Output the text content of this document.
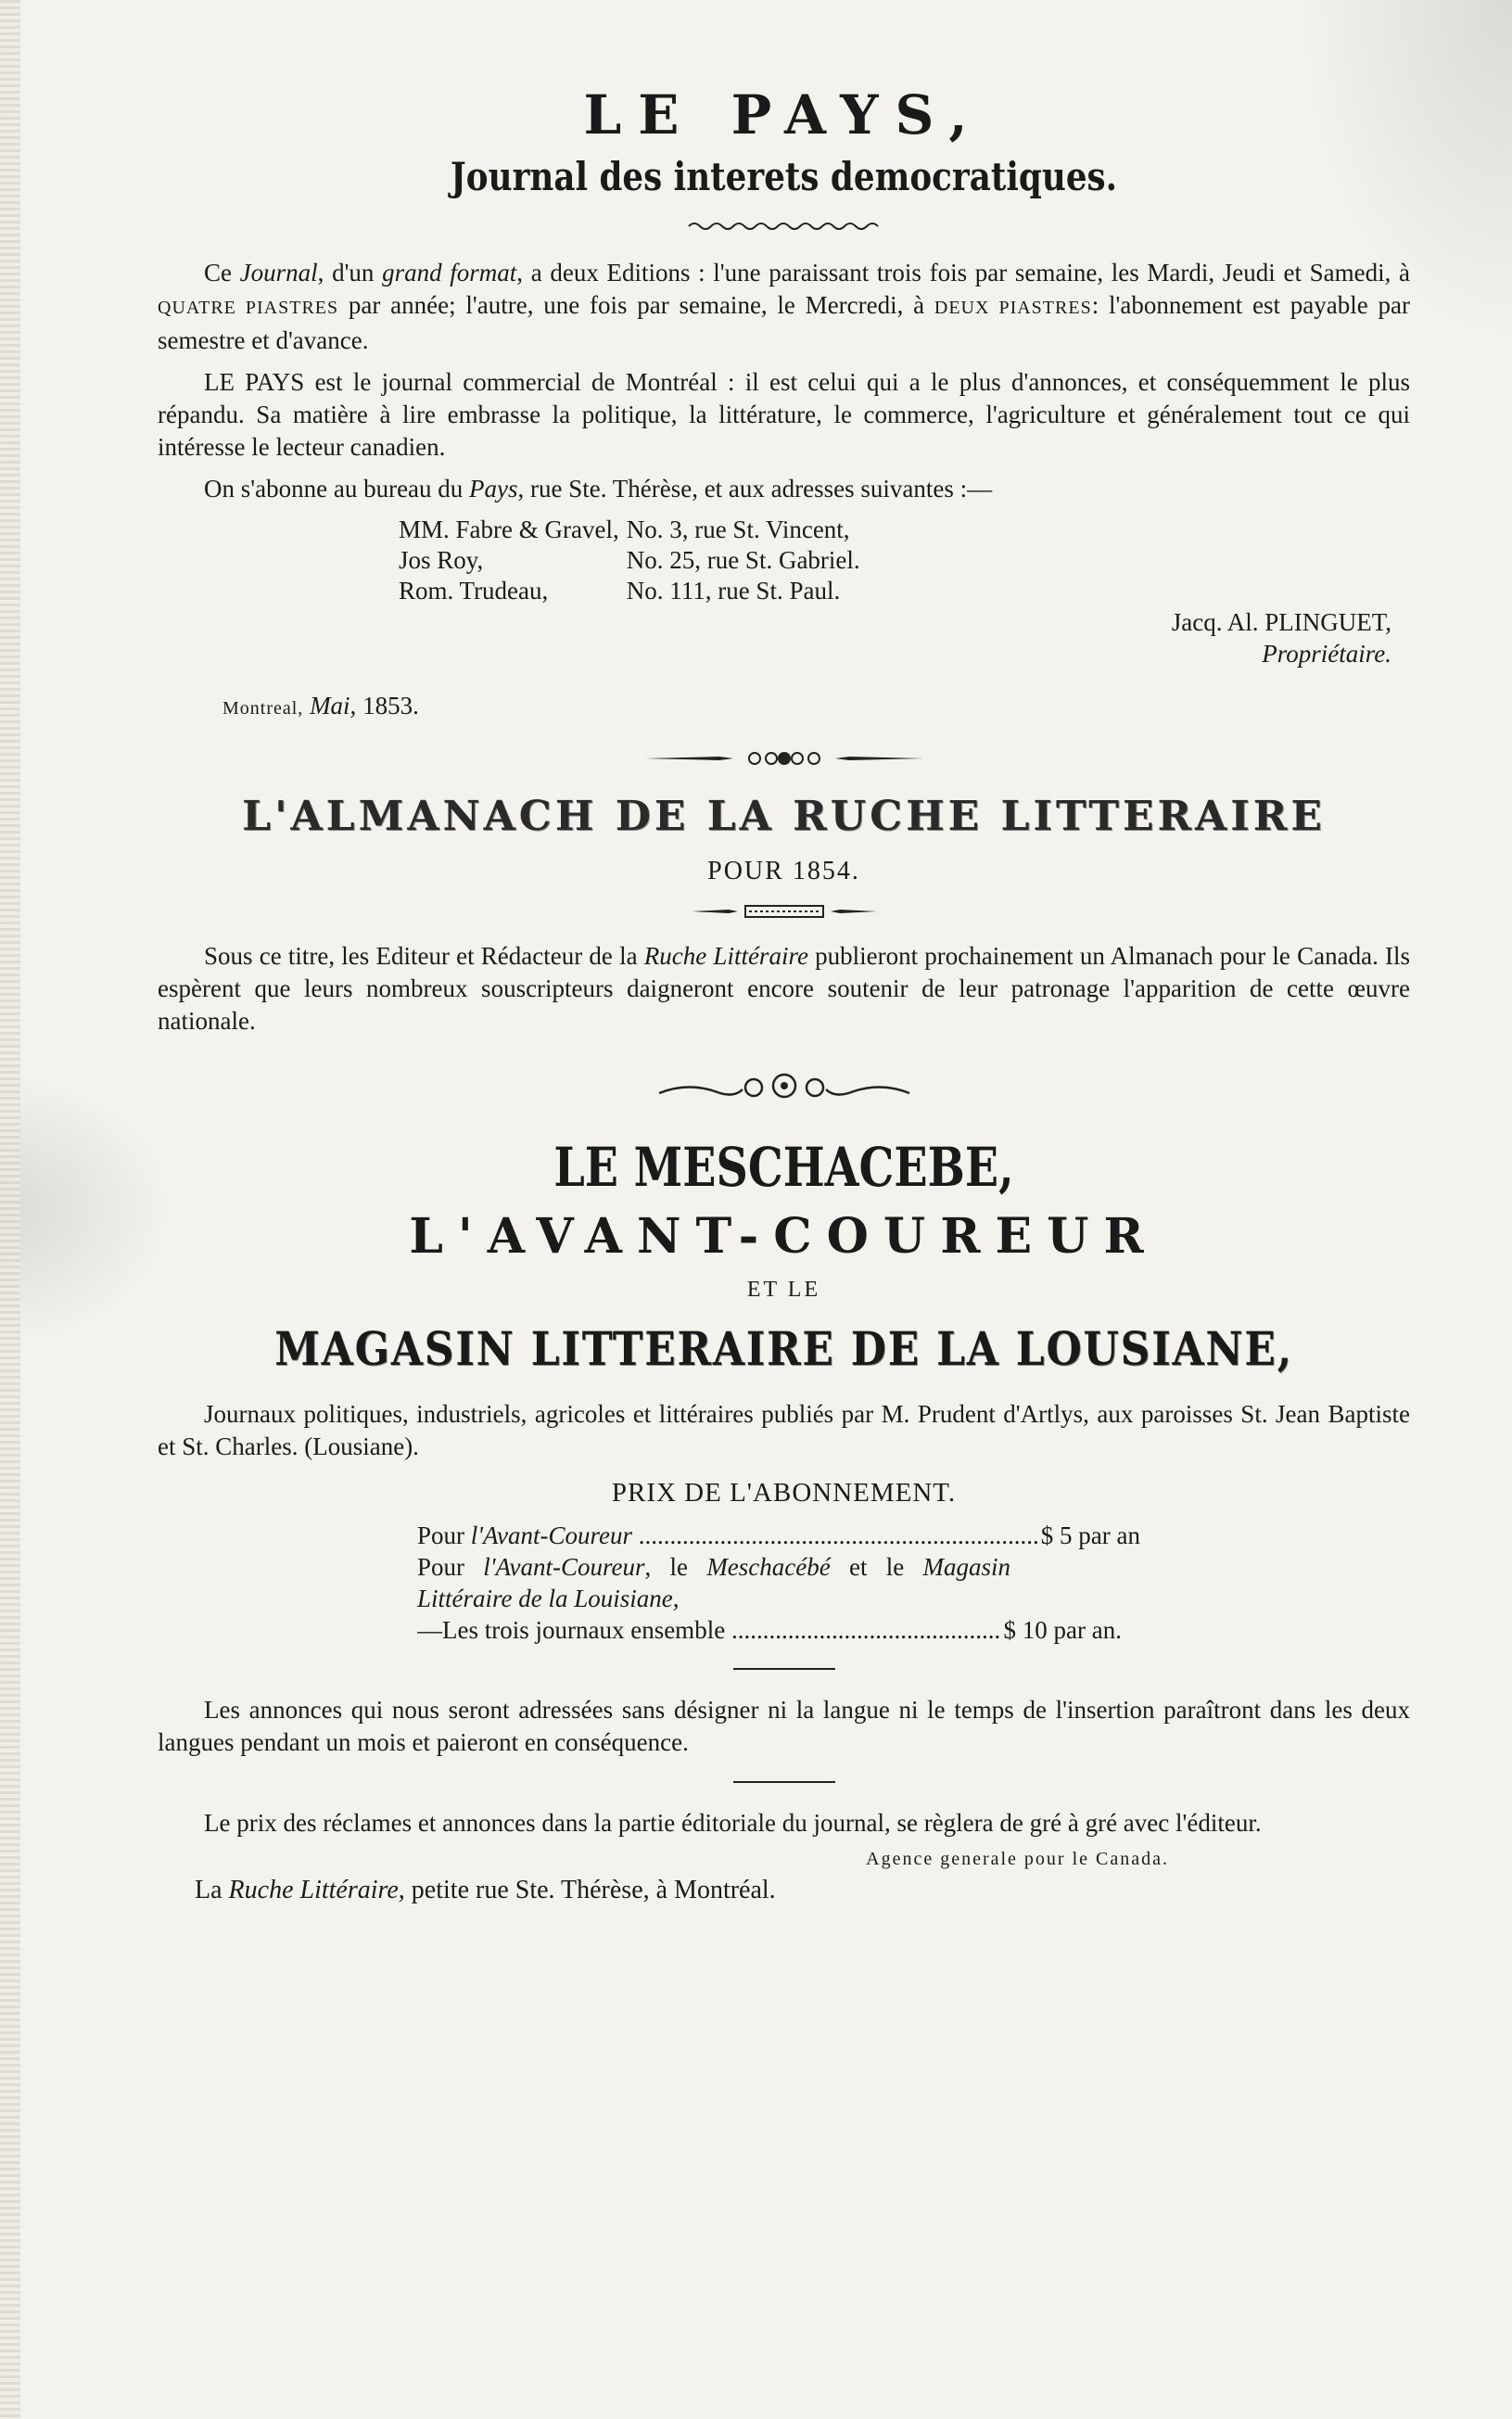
LE PAYS,
Journal des interets democratiques.

Ce Journal, d'un grand format, a deux Editions : l'une paraissant trois fois par semaine, les Mardi, Jeudi et Samedi, à QUATRE PIASTRES par année; l'autre, une fois par semaine, le Mercredi, à DEUX PIASTRES: l'abonnement est payable par semestre et d'avance.

LE PAYS est le journal commercial de Montréal : il est celui qui a le plus d'annonces, et conséquemment le plus répandu. Sa matière à lire embrasse la politique, la littérature, le commerce, l'agriculture et généralement tout ce qui intéresse le lecteur canadien.

On s'abonne au bureau du Pays, rue Ste. Thérèse, et aux adresses suivantes :—

MM. Fabre & Gravel,	No. 3, rue St. Vincent,
Jos Roy,	No. 25, rue St. Gabriel.
Rom. Trudeau,	No. 111, rue St. Paul.
Jacq. Al. PLINGUET,
Propriétaire.
Montreal, Mai, 1853.
L'ALMANACH DE LA RUCHE LITTERAIRE
POUR 1854.

Sous ce titre, les Editeur et Rédacteur de la Ruche Littéraire publieront prochainement un Almanach pour le Canada. Ils espèrent que leurs nombreux souscripteurs daigneront encore soutenir de leur patronage l'apparition de cette œuvre nationale.

LE MESCHACEBE,
L'AVANT-COUREUR
ET LE
MAGASIN LITTERAIRE DE LA LOUSIANE,

Journaux politiques, industriels, agricoles et littéraires publiés par M. Prudent d'Artlys, aux paroisses St. Jean Baptiste et St. Charles. (Lousiane).

PRIX DE L'ABONNEMENT.
Pour l'Avant-Coureur .....	$ 5 par an
Pour l'Avant-Coureur, le Meschacébé et le Magasin Littéraire de la Louisiane,
—Les trois journaux ensemble .....	$ 10 par an.

Les annonces qui nous seront adressées sans désigner ni la langue ni le temps de l'insertion paraîtront dans les deux langues pendant un mois et paieront en conséquence.

Le prix des réclames et annonces dans la partie éditoriale du journal, se règlera de gré à gré avec l'éditeur.

Agence generale pour le Canada.
La Ruche Littéraire, petite rue Ste. Thérèse, à Montréal.
